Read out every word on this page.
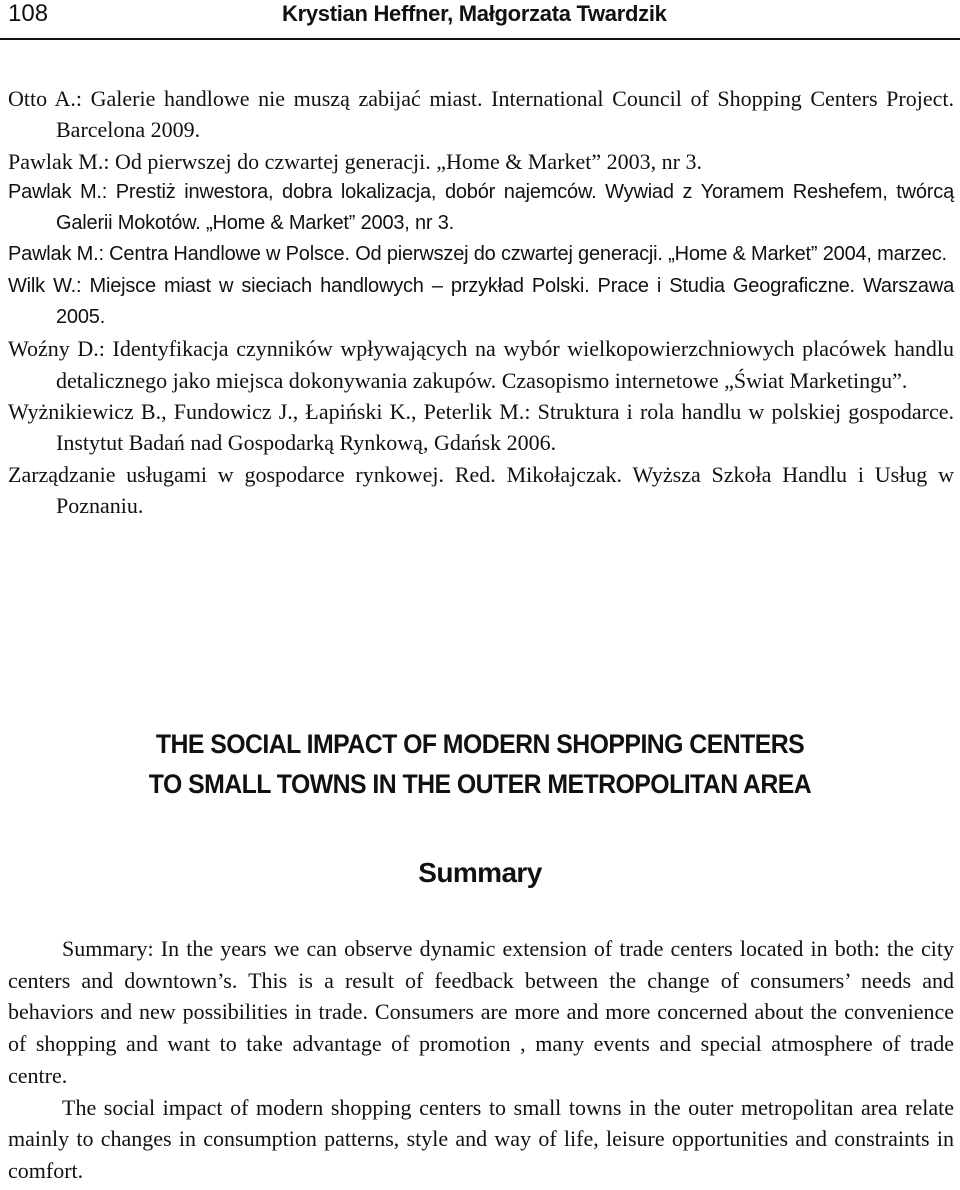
108	Krystian Heffner, Małgorzata Twardzik
Otto A.: Galerie handlowe nie muszą zabijać miast. International Council of Shopping Centers Project. Barcelona 2009.
Pawlak M.: Od pierwszej do czwartej generacji. „Home & Market” 2003, nr 3.
Pawlak M.: Prestiż inwestora, dobra lokalizacja, dobór najemców. Wywiad z Yoramem Reshefem, twórcą Galerii Mokotów. „Home & Market” 2003, nr 3.
Pawlak M.: Centra Handlowe w Polsce. Od pierwszej do czwartej generacji. „Home & Market” 2004, marzec.
Wilk W.: Miejsce miast w sieciach handlowych – przykład Polski. Prace i Studia Geograficzne. Warszawa 2005.
Woźny D.: Identyfikacja czynników wpływających na wybór wielkopowierzchniowych placówek handlu detalicznego jako miejsca dokonywania zakupów. Czasopismo internetowe „Świat Marketingu”.
Wyżnikiewicz B., Fundowicz J., Łapiński K., Peterlik M.: Struktura i rola handlu w polskiej gospodarce. Instytut Badań nad Gospodarką Rynkową, Gdańsk 2006.
Zarządzanie usługami w gospodarce rynkowej. Red. Mikołajczak. Wyższa Szkoła Handlu i Usług w Poznaniu.
THE SOCIAL IMPACT OF MODERN SHOPPING CENTERS
TO SMALL TOWNS IN THE OUTER METROPOLITAN AREA
Summary

Summary: In the years we can observe dynamic extension of trade centers located in both: the city centers and downtown’s. This is a result of feedback between the change of consumers’ needs and behaviors and new possibilities in trade. Consumers are more and more concerned about the convenience of shopping and want to take advantage of promotion , many events and special atmosphere of trade centre.

The social impact of modern shopping centers to small towns in the outer metropolitan area relate mainly to changes in consumption patterns, style and way of life, leisure opportunities and constraints in comfort.
